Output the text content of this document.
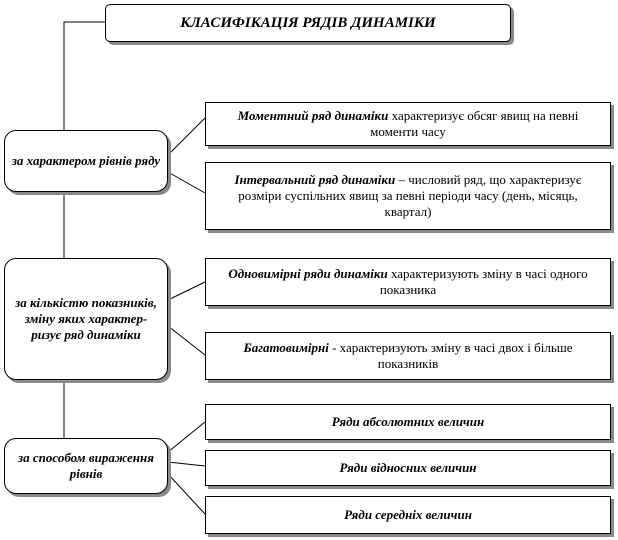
КЛАСИФІКАЦІЯ РЯДІВ ДИНАМІКИ
за характером рівнів ряду
Моментний ряд динаміки характеризує обсяг явищ на певні моменти часу
Інтервальний ряд динаміки – числовий ряд, що характеризує розміри суспільних явищ за певні періоди часу (день, місяць, квартал)
за кількістю показників, зміну яких характер-ризує ряд динаміки
Одновимірні ряди динаміки характеризують зміну в часі одного показника
Багатовимірні - характеризують зміну в часі двох і більше показників
за способом вираження рівнів
Ряди абсолютних величин
Ряди відносних величин
Ряди середніх величин
